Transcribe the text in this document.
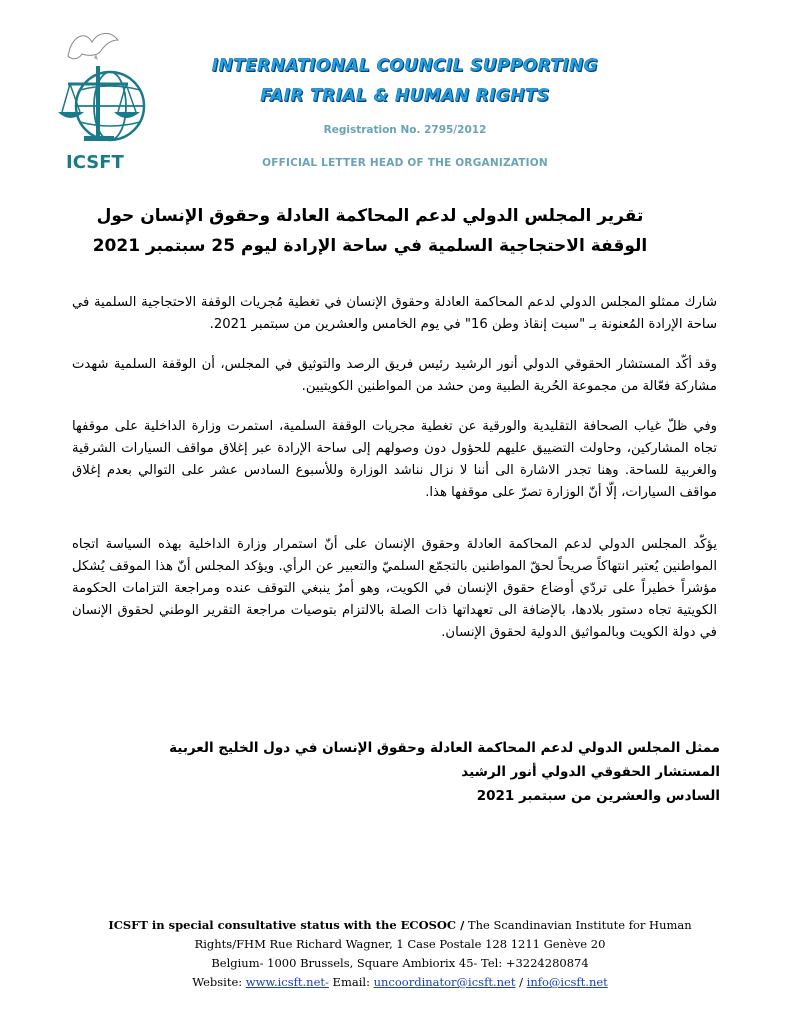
ICSFT
INTERNATIONAL COUNCIL SUPPORTING
FAIR TRIAL & HUMAN RIGHTS
Registration No. 2795/2012
OFFICIAL LETTER HEAD OF THE ORGANIZATION
تقرير المجلس الدولي لدعم المحاكمة العادلة وحقوق الإنسان حول
الوقفة الاحتجاجية السلمية في ساحة الإرادة ليوم 25 سبتمبر 2021
شارك ممثلو المجلس الدولي لدعم المحاكمة العادلة وحقوق الإنسان في تغطية مُجريات الوقفة الاحتجاجية السلمية في ساحة الإرادة المُعنونة بـ "سبت إنقاذ وطن 16" في يوم الخامس والعشرين من سبتمبر 2021.
وقد أكّد المستشار الحقوقي الدولي أنور الرشيد رئيس فريق الرصد والتوثيق في المجلس، أن الوقفة السلمية شهدت مشاركة فعّالة من مجموعة الحُرية الطبية ومن حشد من المواطنين الكويتيين.
وفي ظلّ غياب الصحافة التقليدية والورقية عن تغطية مجريات الوقفة السلمية، استمرت وزارة الداخلية على موقفها تجاه المشاركين، وحاولت التضييق عليهم للحؤول دون وصولهم إلى ساحة الإرادة عبر إغلاق مواقف السيارات الشرقية والغربية للساحة. وهنا تجدر الاشارة الى أننا لا نزال نناشد الوزارة وللأسبوع السادس عشر على التوالي بعدم إغلاق مواقف السيارات، إلّا أنّ الوزارة تصرّ على موقفها هذا.
يؤكّد المجلس الدولي لدعم المحاكمة العادلة وحقوق الإنسان على أنّ استمرار وزارة الداخلية بهذه السياسة اتجاه المواطنين يُعتبر انتهاكاً صريحاً لحقّ المواطنين بالتجمّع السلميّ والتعبير عن الرأي. ويؤكد المجلس أنّ هذا الموقف يُشكل مؤشراً خطيراً على تردّي أوضاع حقوق الإنسان في الكويت، وهو أمرٌ ينبغي التوقف عنده ومراجعة التزامات الحكومة الكويتية تجاه دستور بلادها، بالإضافة الى تعهداتها ذات الصلة بالالتزام بتوصيات مراجعة التقرير الوطني لحقوق الإنسان في دولة الكويت وبالمواثيق الدولية لحقوق الإنسان.
ممثل المجلس الدولي لدعم المحاكمة العادلة وحقوق الإنسان في دول الخليج العربية
المستشار الحقوقي الدولي أنور الرشيد
السادس والعشرين من سبتمبر 2021
ICSFT in special consultative status with the ECOSOC / The Scandinavian Institute for Human
Rights/FHM Rue Richard Wagner, 1 Case Postale 128 1211 Genève 20
Belgium- 1000 Brussels, Square Ambiorix 45- Tel: +3224280874
Website: www.icsft.net- Email: uncoordinator@icsft.net / info@icsft.net
